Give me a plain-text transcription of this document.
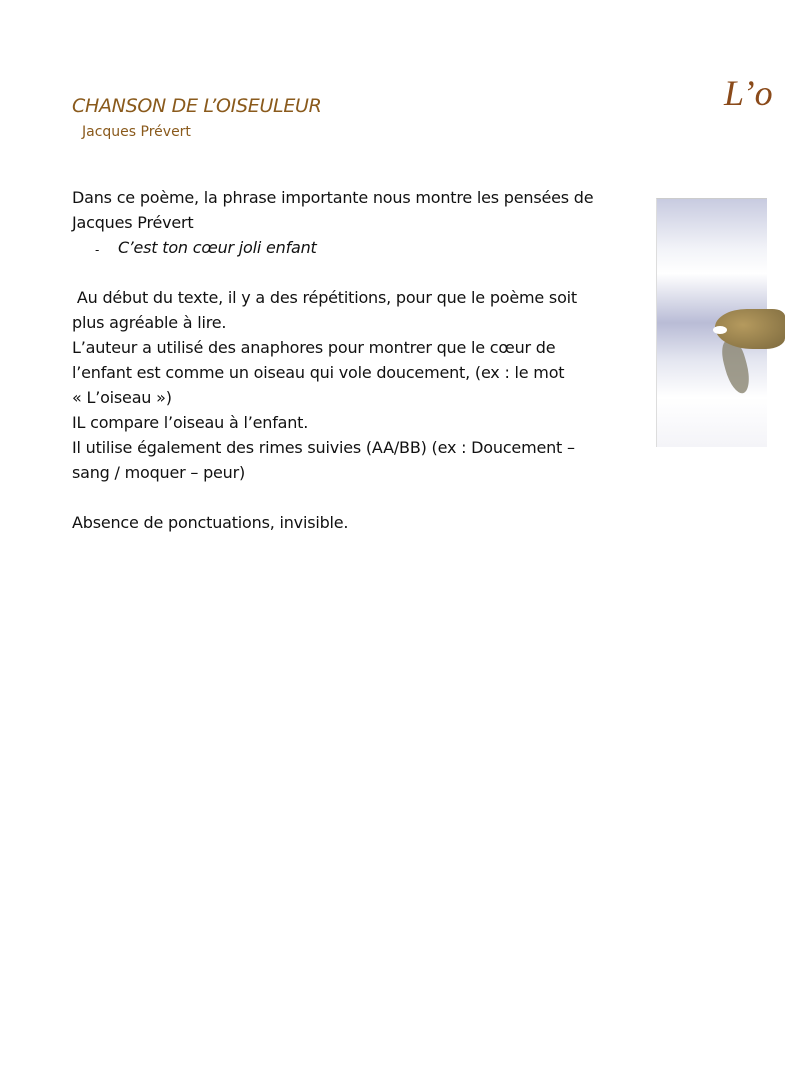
CHANSON DE L’OISEULEUR
Jacques Prévert
L’o
Dans ce poème, la phrase importante nous montre les pensées de
Jacques Prévert
- C’est ton cœur joli enfant
Au début du texte, il y a des répétitions, pour que le poème soit
plus agréable à lire.
L’auteur a utilisé des anaphores pour montrer que le cœur de
l’enfant est comme un oiseau qui vole doucement, (ex : le mot
« L’oiseau »)
IL compare l’oiseau à l’enfant.
Il utilise également des rimes suivies (AA/BB) (ex : Doucement –
sang / moquer – peur)
Absence de ponctuations, invisible.
